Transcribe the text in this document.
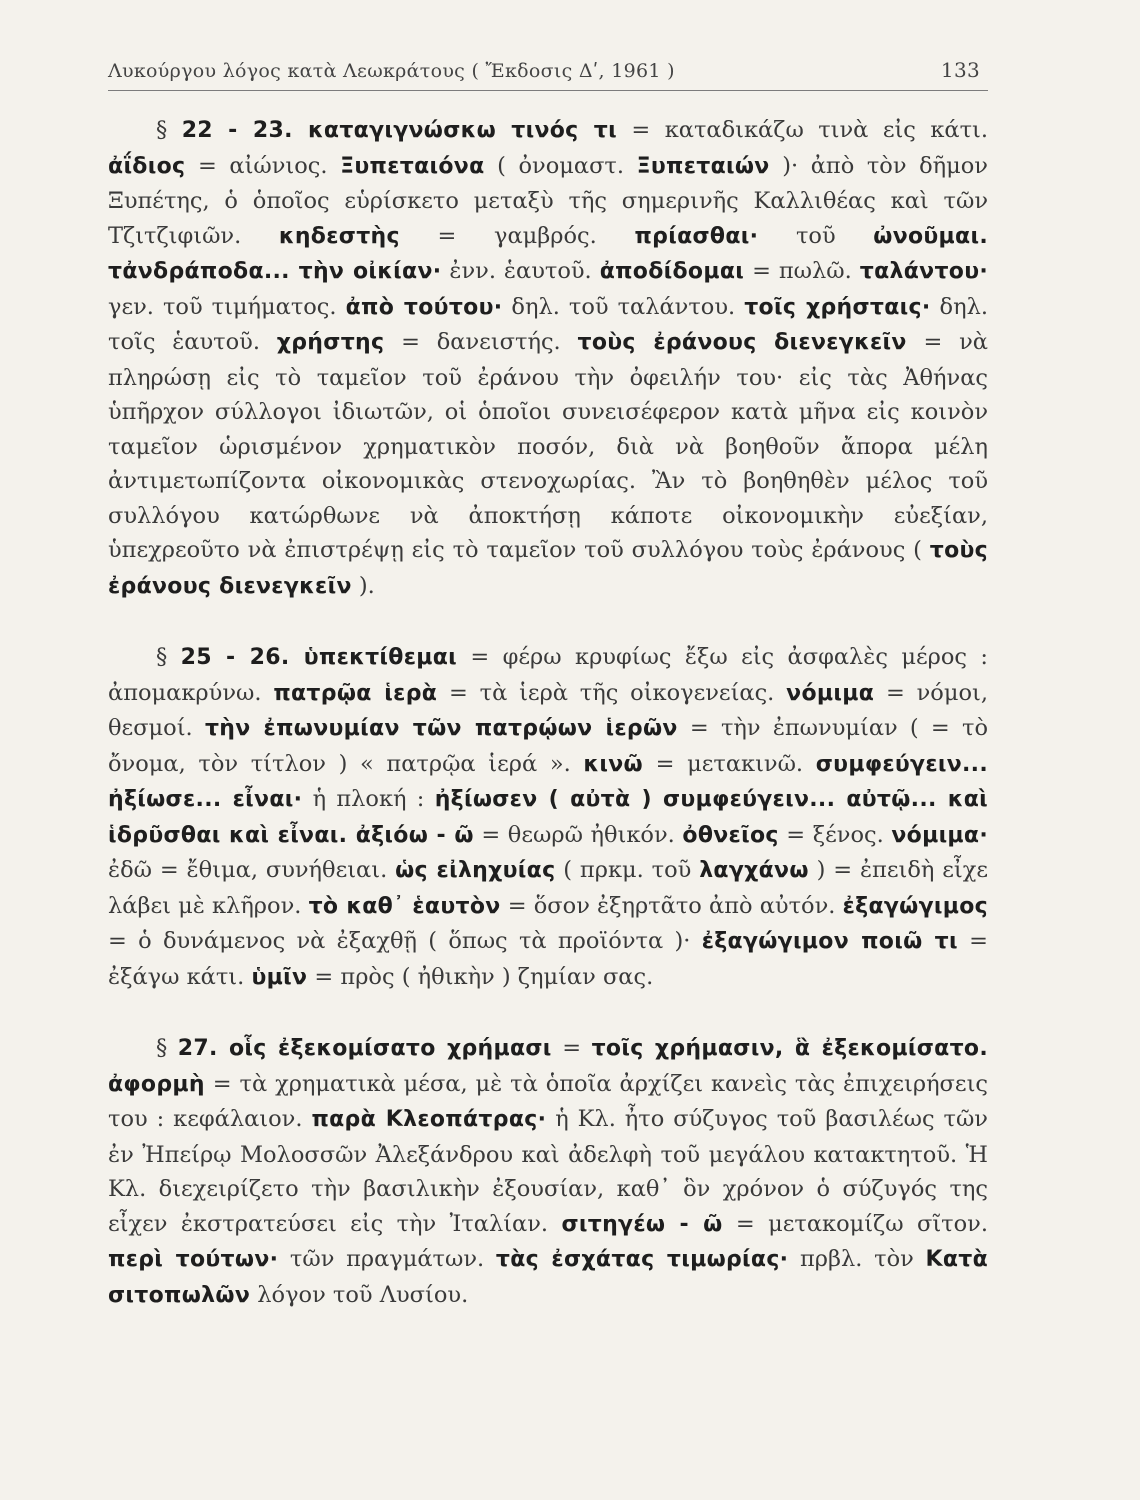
Λυκούργου λόγος κατὰ Λεωκράτους ( Ἔκδοσις Δʹ, 1961 )	133

§ 22 - 23. καταγιγνώσκω τινός τι = καταδικάζω τινὰ εἰς κάτι. ἀΐδιος = αἰώνιος. Ξυπεταιόνα ( ὀνομαστ. Ξυπεταιών )· ἀπὸ τὸν δῆμον Ξυπέτης, ὁ ὁποῖος εὑρίσκετο μεταξὺ τῆς σημερινῆς Καλλιθέας καὶ τῶν Τζιτζιφιῶν. κηδεστὴς = γαμβρός. πρίασθαι· τοῦ ὠνοῦμαι. τἀνδράποδα... τὴν οἰκίαν· ἐνν. ἑαυτοῦ. ἀποδίδομαι = πωλῶ. ταλάντου· γεν. τοῦ τιμήματος. ἀπὸ τούτου· δηλ. τοῦ ταλάντου. τοῖς χρήσταις· δηλ. τοῖς ἑαυτοῦ. χρήστης = δανειστής. τοὺς ἐράνους διενεγκεῖν = νὰ πληρώσῃ εἰς τὸ ταμεῖον τοῦ ἐράνου τὴν ὀφειλήν του· εἰς τὰς Ἀθήνας ὑπῆρχον σύλλογοι ἰδιωτῶν, οἱ ὁποῖοι συνεισέφερον κατὰ μῆνα εἰς κοινὸν ταμεῖον ὡρισμένον χρηματικὸν ποσόν, διὰ νὰ βοηθοῦν ἄπορα μέλη ἀντιμετωπίζοντα οἰκονομικὰς στενοχωρίας. Ἂν τὸ βοηθηθὲν μέλος τοῦ συλλόγου κατώρθωνε νὰ ἀποκτήσῃ κάποτε οἰκονομικὴν εὐεξίαν, ὑπεχρεοῦτο νὰ ἐπιστρέψῃ εἰς τὸ ταμεῖον τοῦ συλλόγου τοὺς ἐράνους ( τοὺς ἐράνους διενεγκεῖν ).

§ 25 - 26. ὑπεκτίθεμαι = φέρω κρυφίως ἔξω εἰς ἀσφαλὲς μέρος : ἀπομακρύνω. πατρῷα ἱερὰ = τὰ ἱερὰ τῆς οἰκογενείας. νόμιμα = νόμοι, θεσμοί. τὴν ἐπωνυμίαν τῶν πατρῴων ἱερῶν = τὴν ἐπωνυμίαν ( = τὸ ὄνομα, τὸν τίτλον ) « πατρῷα ἱερά ». κινῶ = μετακινῶ. συμφεύγειν... ἠξίωσε... εἶναι· ἡ πλοκή : ἠξίωσεν ( αὐτὰ ) συμφεύγειν... αὐτῷ... καὶ ἱδρῦσθαι καὶ εἶναι. ἀξιόω - ῶ = θεωρῶ ἠθικόν. ὀθνεῖος = ξένος. νόμιμα· ἐδῶ = ἔθιμα, συνήθειαι. ὡς εἰληχυίας ( πρκμ. τοῦ λαγχάνω ) = ἐπειδὴ εἶχε λάβει μὲ κλῆρον. τὸ καθ᾽ ἑαυτὸν = ὅσον ἐξηρτᾶτο ἀπὸ αὐτόν. ἐξαγώγιμος = ὁ δυνάμενος νὰ ἐξαχθῇ ( ὅπως τὰ προϊόντα )· ἐξαγώγιμον ποιῶ τι = ἐξάγω κάτι. ὑμῖν = πρὸς ( ἠθικὴν ) ζημίαν σας.

§ 27. οἷς ἐξεκομίσατο χρήμασι = τοῖς χρήμασιν, ἃ ἐξεκομίσατο. ἀφορμὴ = τὰ χρηματικὰ μέσα, μὲ τὰ ὁποῖα ἀρχίζει κανεὶς τὰς ἐπιχειρήσεις του : κεφάλαιον. παρὰ Κλεοπάτρας· ἡ Κλ. ἦτο σύζυγος τοῦ βασιλέως τῶν ἐν Ἠπείρῳ Μολοσσῶν Ἀλεξάνδρου καὶ ἀδελφὴ τοῦ μεγάλου κατακτητοῦ. Ἡ Κλ. διεχειρίζετο τὴν βασιλικὴν ἐξουσίαν, καθ᾽ ὃν χρόνον ὁ σύζυγός της εἶχεν ἐκστρατεύσει εἰς τὴν Ἰταλίαν. σιτηγέω - ῶ = μετακομίζω σῖτον. περὶ τούτων· τῶν πραγμάτων. τὰς ἐσχάτας τιμωρίας· πρβλ. τὸν Κατὰ σιτοπωλῶν λόγον τοῦ Λυσίου.
